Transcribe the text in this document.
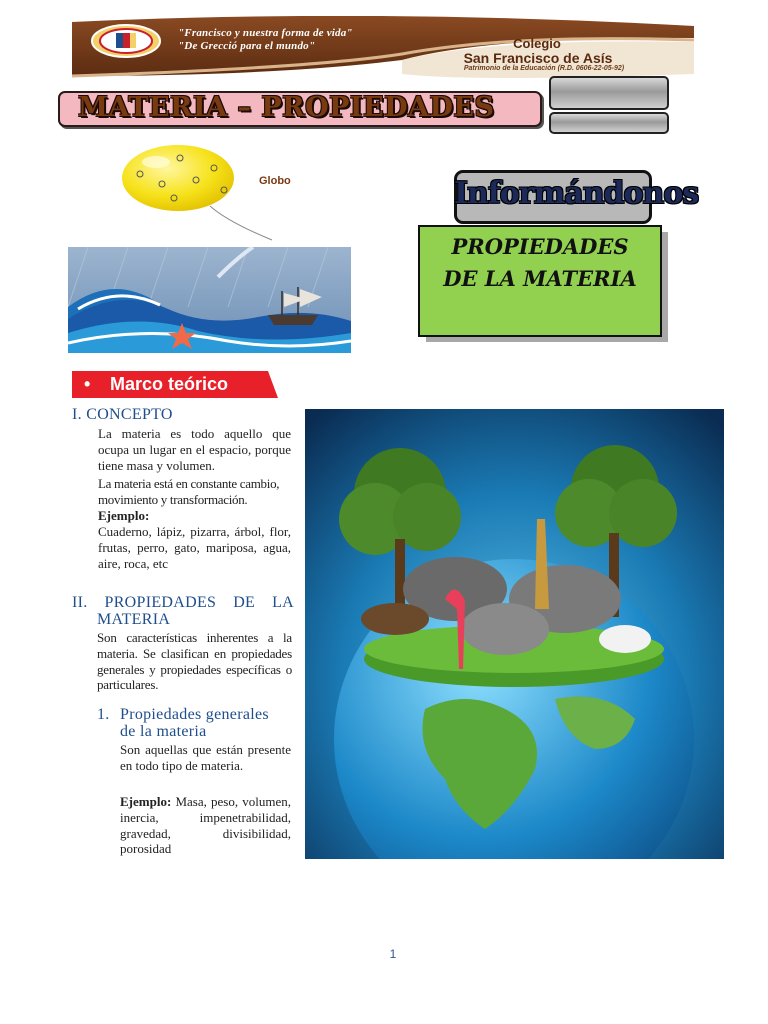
"Francisco y nuestra forma de vida"
"De Grecció para el mundo"	Colegio
San Francisco de Asís
Patrimonio de la Educación (R.D. 0606-22-05-92)
MATERIA – PROPIEDADES
Globo	Informándonos
PROPIEDADES
DE LA MATERIA
• Marco teórico
I. CONCEPTO
La materia es todo aquello que ocupa un lugar en el espacio, porque tiene masa y volumen.
La materia está en constante cambio, movimiento y transformación.
Ejemplo:
Cuaderno, lápiz, pizarra, árbol, flor, frutas, perro, gato, mariposa, agua, aire, roca, etc
II. PROPIEDADES DE LA
MATERIA
Son características inherentes a la materia. Se clasifican en propiedades generales y propiedades específicas o particulares.
1. Propiedades generales
de la materia
Son aquellas que están presente en todo tipo de materia.
Ejemplo: Masa, peso, volumen, inercia, impenetrabilidad, gravedad, divisibilidad, porosidad
1
